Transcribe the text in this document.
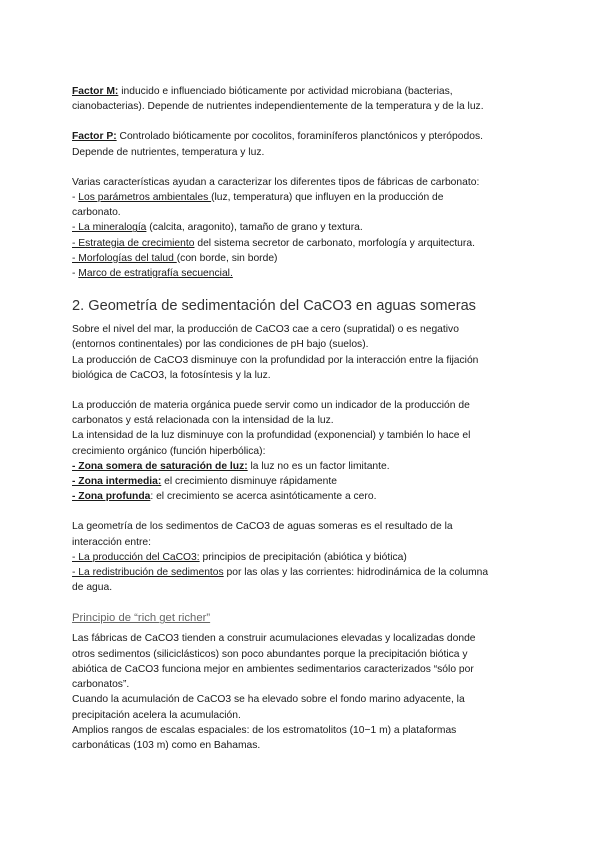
Factor M: inducido e influenciado bióticamente por actividad microbiana (bacterias,
cianobacterias). Depende de nutrientes independientemente de la temperatura y de la luz.
Factor P: Controlado bióticamente por cocolitos, foraminíferos planctónicos y pterópodos.
Depende de nutrientes, temperatura y luz.
Varias características ayudan a caracterizar los diferentes tipos de fábricas de carbonato:
- Los parámetros ambientales (luz, temperatura) que influyen en la producción de
carbonato.
- La mineralogía (calcita, aragonito), tamaño de grano y textura.
- Estrategia de crecimiento del sistema secretor de carbonato, morfología y arquitectura.
- Morfologías del talud (con borde, sin borde)
- Marco de estratigrafía secuencial.
2. Geometría de sedimentación del CaCO3 en aguas someras
Sobre el nivel del mar, la producción de CaCO3 cae a cero (supratidal) o es negativo
(entornos continentales) por las condiciones de pH bajo (suelos).
La producción de CaCO3 disminuye con la profundidad por la interacción entre la fijación
biológica de CaCO3, la fotosíntesis y la luz.
La producción de materia orgánica puede servir como un indicador de la producción de
carbonatos y está relacionada con la intensidad de la luz.
La intensidad de la luz disminuye con la profundidad (exponencial) y también lo hace el
crecimiento orgánico (función hiperbólica):
- Zona somera de saturación de luz: la luz no es un factor limitante.
- Zona intermedia: el crecimiento disminuye rápidamente
- Zona profunda: el crecimiento se acerca asintóticamente a cero.
La geometría de los sedimentos de CaCO3 de aguas someras es el resultado de la
interacción entre:
- La producción del CaCO3: principios de precipitación (abiótica y biótica)
- La redistribución de sedimentos por las olas y las corrientes: hidrodinámica de la columna
de agua.
Principio de “rich get richer”
Las fábricas de CaCO3 tienden a construir acumulaciones elevadas y localizadas donde
otros sedimentos (siliciclásticos) son poco abundantes porque la precipitación biótica y
abiótica de CaCO3 funciona mejor en ambientes sedimentarios caracterizados “sólo por
carbonatos”.
Cuando la acumulación de CaCO3 se ha elevado sobre el fondo marino adyacente, la
precipitación acelera la acumulación.
Amplios rangos de escalas espaciales: de los estromatolitos (10−1 m) a plataformas
carbonáticas (103 m) como en Bahamas.
